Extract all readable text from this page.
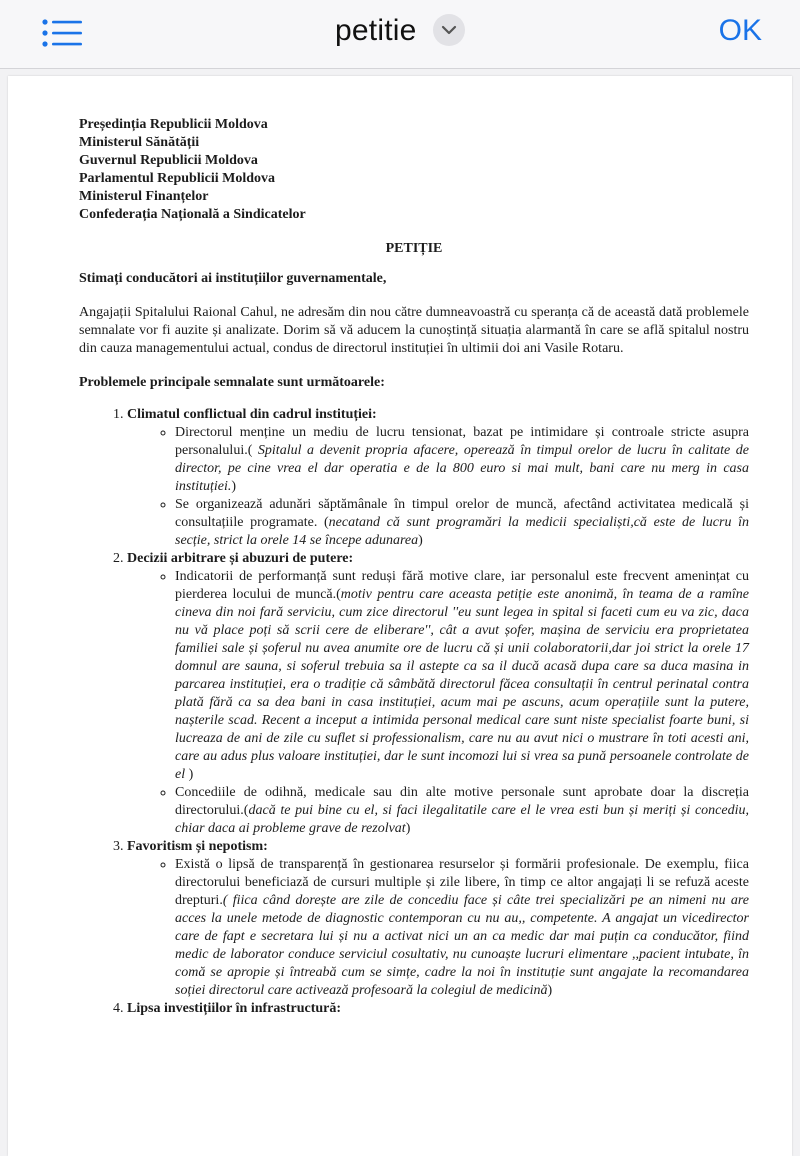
petitie	OK
Președinția Republicii Moldova
Ministerul Sănătății
Guvernul Republicii Moldova
Parlamentul Republicii Moldova
Ministerul Finanțelor
Confederația Națională a Sindicatelor
PETIȚIE
Stimați conducători ai instituțiilor guvernamentale,
Angajații Spitalului Raional Cahul, ne adresăm din nou către dumneavoastră cu speranța că de această dată problemele semnalate vor fi auzite și analizate. Dorim să vă aducem la cunoștință situația alarmantă în care se află spitalul nostru din cauza managementului actual, condus de directorul instituției în ultimii doi ani Vasile Rotaru.
Problemele principale semnalate sunt următoarele:
1. Climatul conflictual din cadrul instituției:
◦ Directorul menține un mediu de lucru tensionat, bazat pe intimidare și controale stricte asupra personalului.( Spitalul a devenit propria afacere, operează în timpul orelor de lucru în calitate de director, pe cine vrea el dar operatia e de la 800 euro si mai mult, bani care nu merg in casa instituției.)
◦ Se organizează adunări săptămânale în timpul orelor de muncă, afectând activitatea medicală și consultațiile programate. (necatand că sunt programări la medicii specialiști,că este de lucru în secție, strict la orele 14 se începe adunarea)
2. Decizii arbitrare și abuzuri de putere:
◦ Indicatorii de performanță sunt reduși fără motive clare, iar personalul este frecvent amenințat cu pierderea locului de muncă.(motiv pentru care aceasta petiție este anonimă, în teama de a ramîne cineva din noi fară serviciu, cum zice directorul ''eu sunt legea in spital si faceti cum eu va zic, daca nu vă place poți să scrii cere de eliberare'', cât a avut șofer, mașina de serviciu era proprietatea familiei sale și șoferul nu avea anumite ore de lucru că și unii colaboratorii,dar joi strict la orele 17 domnul are sauna, si soferul trebuia sa il astepte ca sa il ducă acasă dupa care sa duca masina in parcarea instituției, era o tradiție că sâmbătă directorul făcea consultații în centrul perinatal contra plată fără ca sa dea bani in casa instituției, acum mai pe ascuns, acum operațiile sunt la putere, nașterile scad. Recent a inceput a intimida personal medical care sunt niste specialist foarte buni, si lucreaza de ani de zile cu suflet si professionalism, care nu au avut nici o mustrare în toti acesti ani, care au adus plus valoare instituției, dar le sunt incomozi lui si vrea sa pună persoanele controlate de el )
◦ Concediile de odihnă, medicale sau din alte motive personale sunt aprobate doar la discreția directorului.(dacă te pui bine cu el, si faci ilegalitatile care el le vrea esti bun și meriți și concediu, chiar daca ai probleme grave de rezolvat)
3. Favoritism și nepotism:
◦ Există o lipsă de transparență în gestionarea resurselor și formării profesionale. De exemplu, fiica directorului beneficiază de cursuri multiple și zile libere, în timp ce altor angajați li se refuză aceste drepturi.( fiica când dorește are zile de concediu face și câte trei specializări pe an nimeni nu are acces la unele metode de diagnostic contemporan cu nu au,, competente. A angajat un vicedirector care de fapt e secretara lui și nu a activat nici un an ca medic dar mai puțin ca conducător, fiind medic de laborator conduce serviciul cosultativ, nu cunoaște lucruri elimentare ,,pacient intubate, în comă se apropie și întreabă cum se simțe, cadre la noi în instituție sunt angajate la recomandarea soției directorul care activează profesoară la colegiul de medicină)
4. Lipsa investițiilor în infrastructură:
